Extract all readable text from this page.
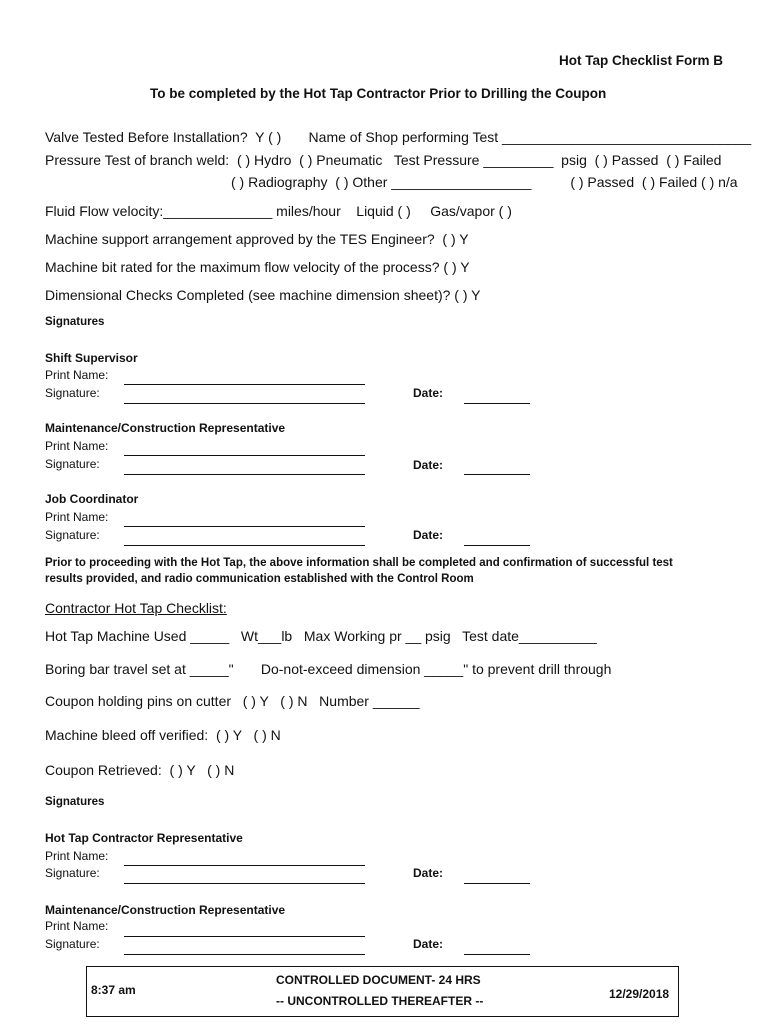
Hot Tap Checklist Form B
To be completed by the Hot Tap Contractor Prior to Drilling the Coupon
Valve Tested Before Installation?  Y ( )       Name of Shop performing Test ________________________________
Pressure Test of branch weld:  ( ) Hydro  ( ) Pneumatic   Test Pressure _________  psig  ( ) Passed  ( ) Failed
( ) Radiography  ( ) Other __________________          ( ) Passed  ( ) Failed ( ) n/a
Fluid Flow velocity:______________ miles/hour    Liquid ( )     Gas/vapor ( )
Machine support arrangement approved by the TES Engineer?  ( ) Y
Machine bit rated for the maximum flow velocity of the process? ( ) Y
Dimensional Checks Completed (see machine dimension sheet)? ( ) Y
Signatures
Shift Supervisor
Print Name:
Signature:	Date:
Maintenance/Construction Representative
Print Name:
Signature:	Date:
Job Coordinator
Print Name:
Signature:	Date:
Prior to proceeding with the Hot Tap, the above information shall be completed and confirmation of successful test
results provided, and radio communication established with the Control Room
Contractor Hot Tap Checklist:
Hot Tap Machine Used _____   Wt___lb   Max Working pr __ psig   Test date__________
Boring bar travel set at _____"       Do-not-exceed dimension _____" to prevent drill through
Coupon holding pins on cutter   ( ) Y   ( ) N   Number ______
Machine bleed off verified:  ( ) Y   ( ) N
Coupon Retrieved:  ( ) Y   ( ) N
Signatures
Hot Tap Contractor Representative
Print Name:
Signature:	Date:
Maintenance/Construction Representative
Print Name:
Signature:	Date:
8:37 am
CONTROLLED DOCUMENT- 24 HRS
-- UNCONTROLLED THEREAFTER --	12/29/2018
